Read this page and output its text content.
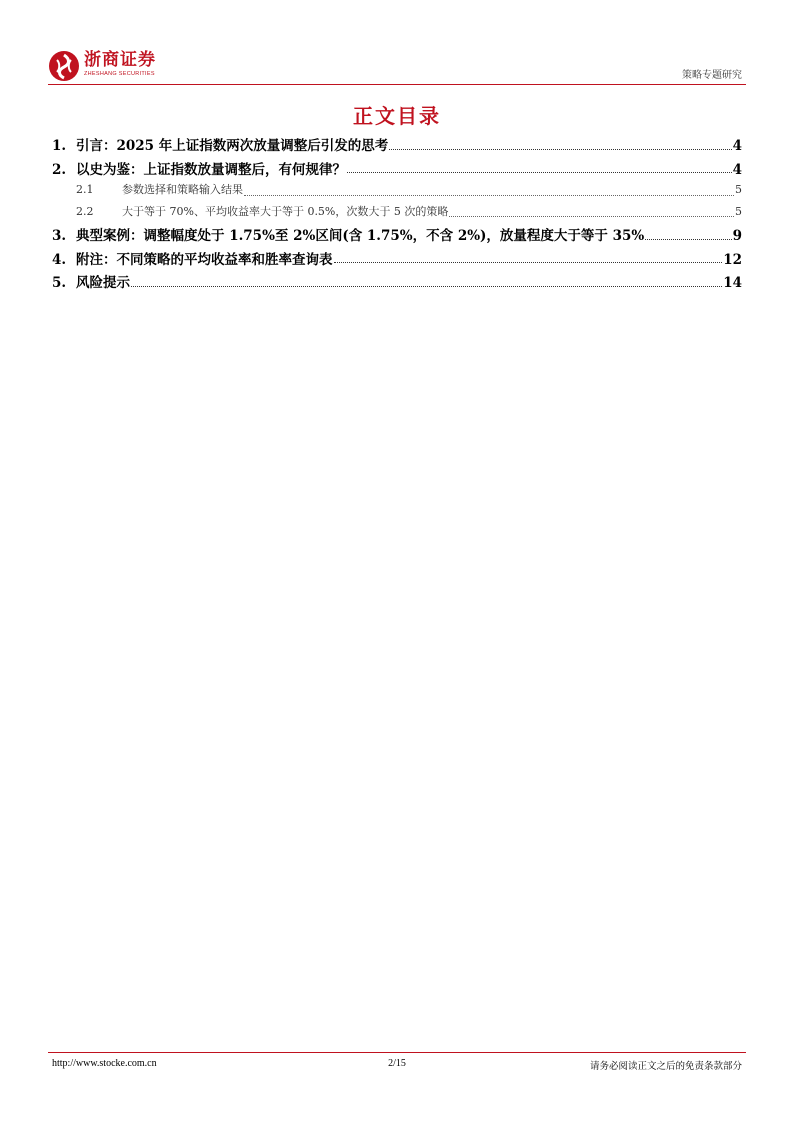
浙商证券
ZHESHANG SECURITIES	策略专题研究
正文目录
1. 引言：2025 年上证指数两次放量调整后引发的思考	4
2. 以史为鉴：上证指数放量调整后，有何规律？	4
2.1	参数选择和策略输入结果	5
2.2	大于等于 70%、平均收益率大于等于 0.5%，次数大于 5 次的策略	5
3. 典型案例：调整幅度处于 1.75%至 2%区间(含 1.75%，不含 2%)，放量程度大于等于 35%	9
4. 附注：不同策略的平均收益率和胜率查询表	12
5. 风险提示	14
http://www.stocke.com.cn	2/15	请务必阅读正文之后的免责条款部分
